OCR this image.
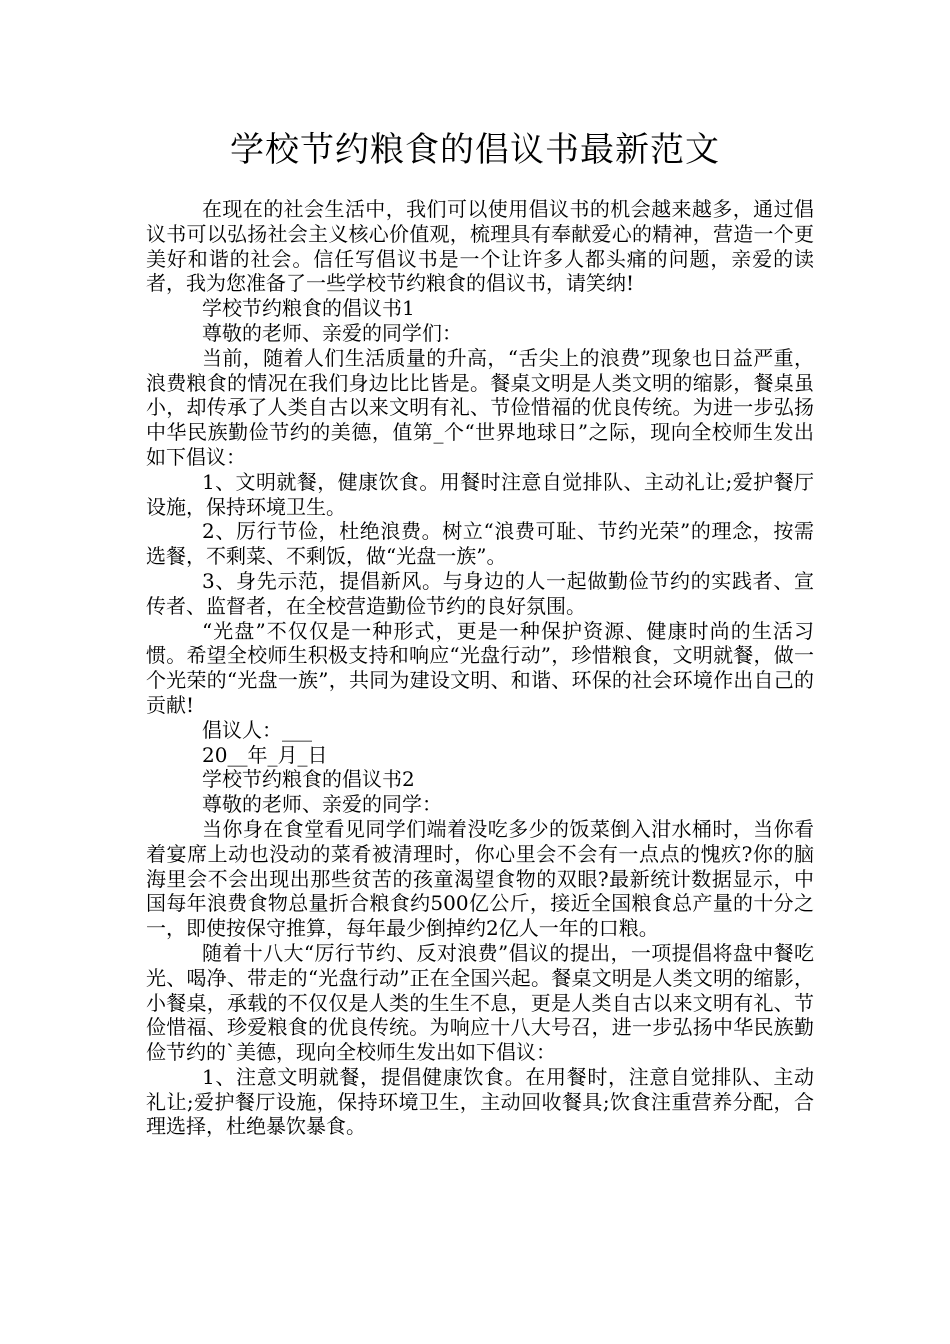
学校节约粮食的倡议书最新范文

在现在的社会生活中，我们可以使用倡议书的机会越来越多，通过倡议书可以弘扬社会主义核心价值观，梳理具有奉献爱心的精神，营造一个更美好和谐的社会。信任写倡议书是一个让许多人都头痛的问题，亲爱的读者，我为您准备了一些学校节约粮食的倡议书，请笑纳!

学校节约粮食的倡议书1

尊敬的老师、亲爱的同学们：

当前，随着人们生活质量的升高，“舌尖上的浪费”现象也日益严重，浪费粮食的情况在我们身边比比皆是。餐桌文明是人类文明的缩影，餐桌虽小，却传承了人类自古以来文明有礼、节俭惜福的优良传统。为进一步弘扬中华民族勤俭节约的美德，值第_个“世界地球日”之际，现向全校师生发出如下倡议：

1、文明就餐，健康饮食。用餐时注意自觉排队、主动礼让;爱护餐厅设施，保持环境卫生。

2、厉行节俭，杜绝浪费。树立“浪费可耻、节约光荣”的理念，按需选餐，不剩菜、不剩饭，做“光盘一族”。

3、身先示范，提倡新风。与身边的人一起做勤俭节约的实践者、宣传者、监督者，在全校营造勤俭节约的良好氛围。

“光盘”不仅仅是一种形式，更是一种保护资源、健康时尚的生活习惯。希望全校师生积极支持和响应“光盘行动”，珍惜粮食，文明就餐，做一个光荣的“光盘一族”，共同为建设文明、和谐、环保的社会环境作出自己的贡献!

倡议人：___

20__年_月_日

学校节约粮食的倡议书2

尊敬的老师、亲爱的同学：

当你身在食堂看见同学们端着没吃多少的饭菜倒入泔水桶时，当你看着宴席上动也没动的菜肴被清理时，你心里会不会有一点点的愧疚?你的脑海里会不会出现出那些贫苦的孩童渴望食物的双眼?最新统计数据显示，中国每年浪费食物总量折合粮食约500亿公斤，接近全国粮食总产量的十分之一，即使按保守推算，每年最少倒掉约2亿人一年的口粮。

随着十八大“厉行节约、反对浪费”倡议的提出，一项提倡将盘中餐吃光、喝净、带走的“光盘行动”正在全国兴起。餐桌文明是人类文明的缩影，小餐桌，承载的不仅仅是人类的生生不息，更是人类自古以来文明有礼、节俭惜福、珍爱粮食的优良传统。为响应十八大号召，进一步弘扬中华民族勤俭节约的`美德，现向全校师生发出如下倡议：

1、注意文明就餐，提倡健康饮食。在用餐时，注意自觉排队、主动礼让;爱护餐厅设施，保持环境卫生，主动回收餐具;饮食注重营养分配，合理选择，杜绝暴饮暴食。
